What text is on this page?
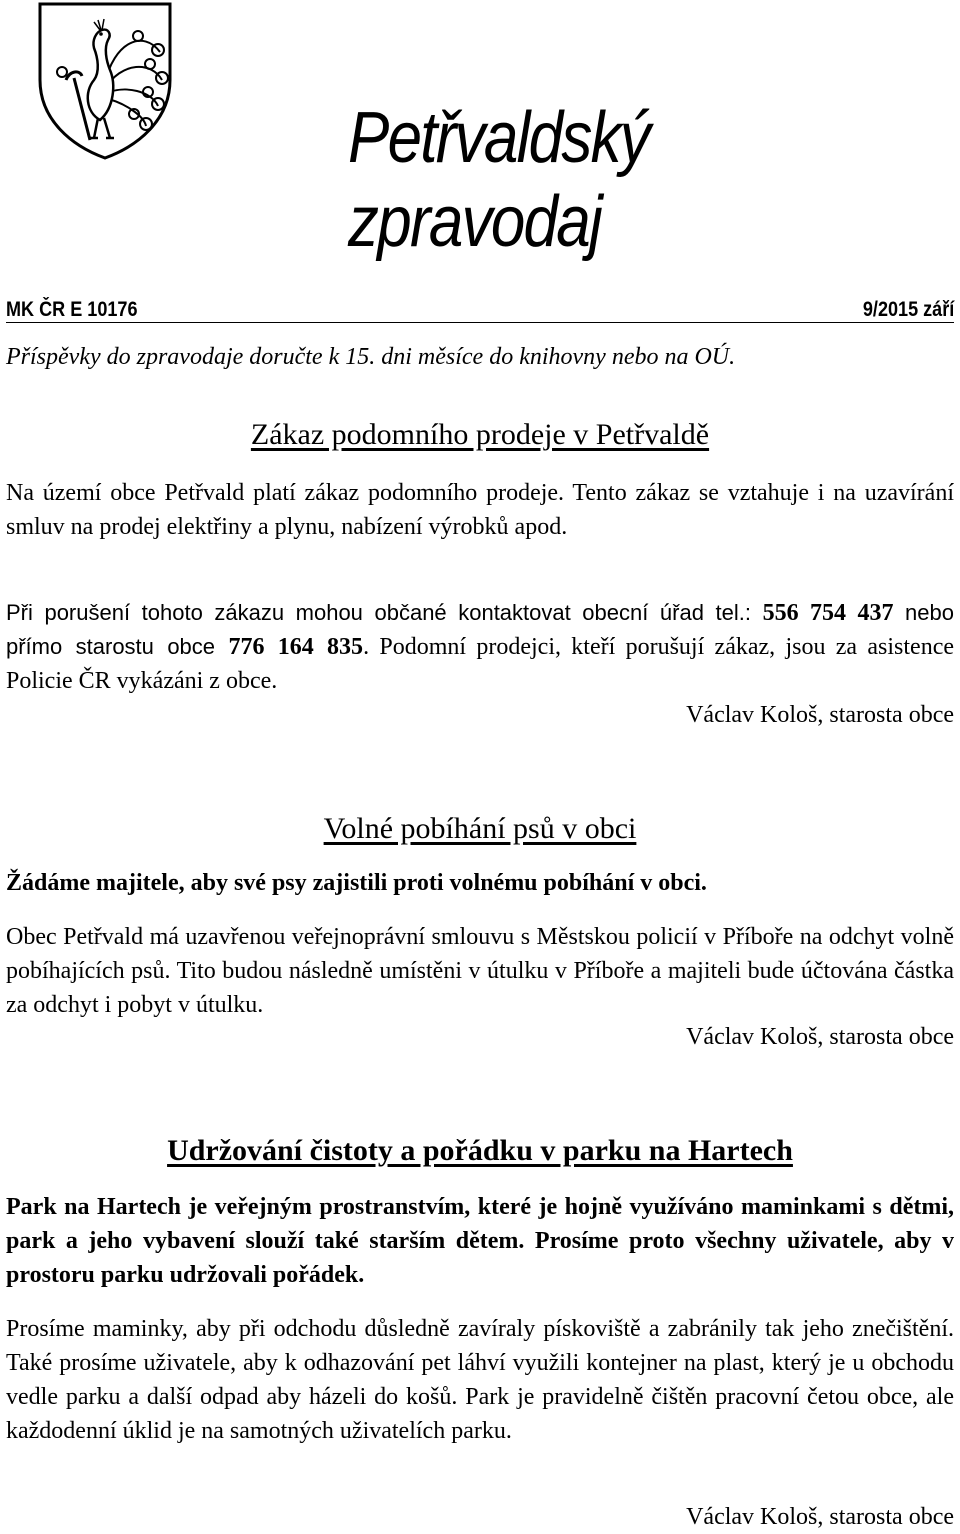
Petřvaldský
zpravodaj
MK ČR E 10176	9/2015 září
Příspěvky do zpravodaje doručte k 15. dni měsíce do knihovny nebo na OÚ.
Zákaz podomního prodeje v Petřvaldě
Na území obce Petřvald platí zákaz podomního prodeje. Tento zákaz se vztahuje i na uzavírání smluv na prodej elektřiny a plynu, nabízení výrobků apod.
Při porušení tohoto zákazu mohou občané kontaktovat obecní úřad tel.: 556 754 437 nebo přímo starostu obce 776 164 835. Podomní prodejci, kteří porušují zákaz, jsou za asistence Policie ČR vykázáni z obce.
Václav Kološ, starosta obce
Volné pobíhání psů v obci
Žádáme majitele, aby své psy zajistili proti volnému pobíhání v obci.
Obec Petřvald má uzavřenou veřejnoprávní smlouvu s Městskou policií v Příboře na odchyt volně pobíhajících psů. Tito budou následně umístěni v útulku v Příboře a majiteli bude účtována částka za odchyt i pobyt v útulku.
Václav Kološ, starosta obce
Udržování čistoty a pořádku v parku na Hartech
Park na Hartech je veřejným prostranstvím, které je hojně využíváno maminkami s dětmi, park a jeho vybavení slouží také starším dětem. Prosíme proto všechny uživatele, aby v prostoru parku udržovali pořádek.
Prosíme maminky, aby při odchodu důsledně zavíraly pískoviště a zabránily tak jeho znečištění. Také prosíme uživatele, aby k odhazování pet láhví využili kontejner na plast, který je u obchodu vedle parku a další odpad aby házeli do košů. Park je pravidelně čištěn pracovní četou obce, ale každodenní úklid je na samotných uživatelích parku.
Václav Kološ, starosta obce
